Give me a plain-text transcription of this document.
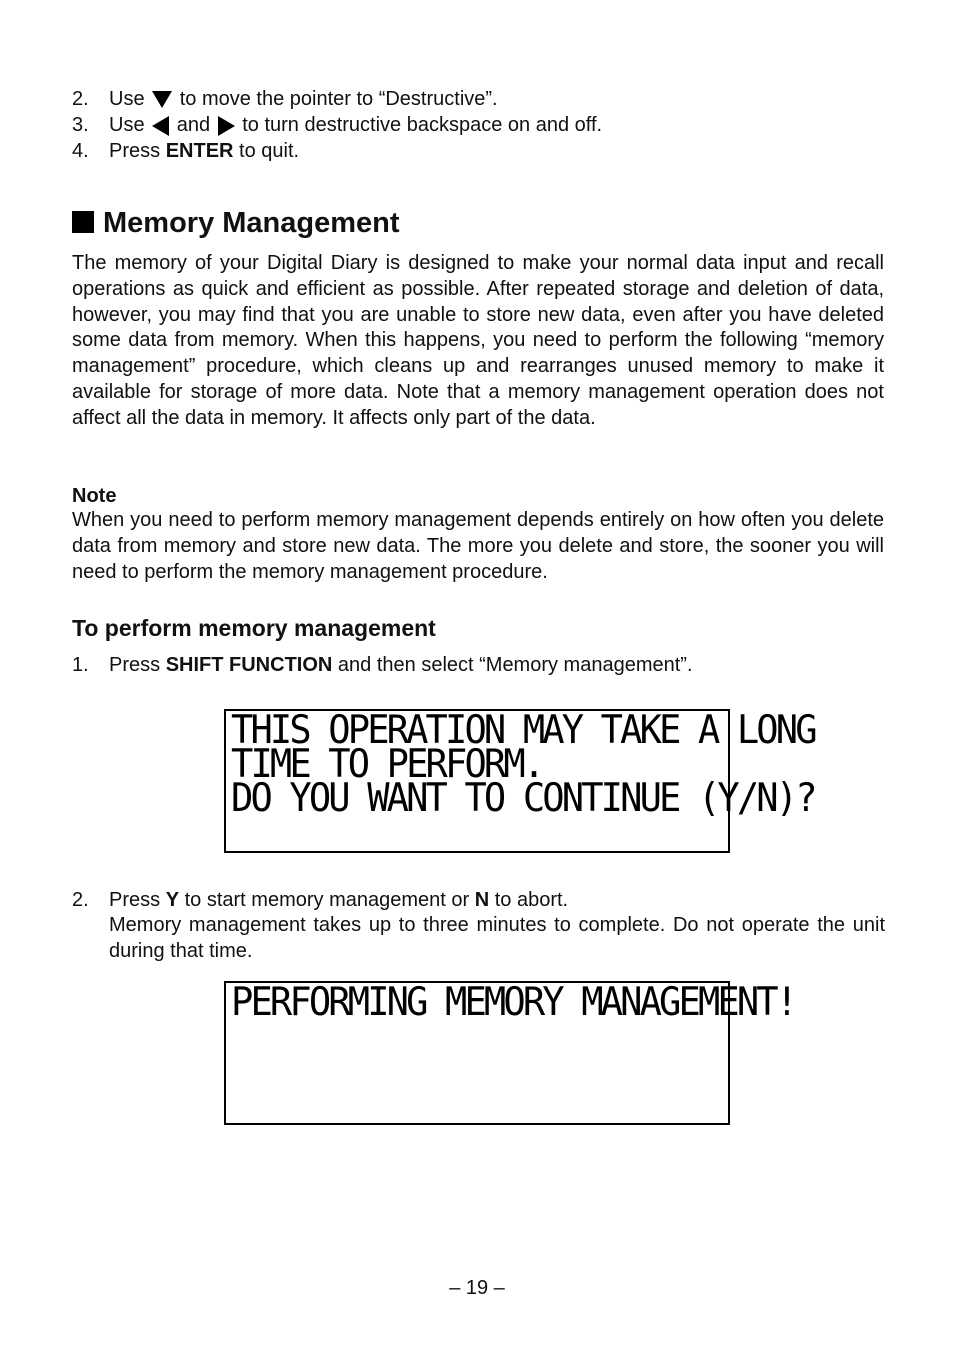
2.	Use to move the pointer to “Destructive”.
3.	Use and to turn destructive backspace on and off.
4.	Press ENTER to quit.
Memory Management
The memory of your Digital Diary is designed to make your normal data input and recall operations as quick and efficient as possible. After repeated storage and deletion of data, however, you may find that you are unable to store new data, even after you have deleted some data from memory. When this happens, you need to perform the following “memory management” procedure, which cleans up and rearranges unused memory to make it available for storage of more data. Note that a memory management operation does not affect all the data in memory. It affects only part of the data.
Note
When you need to perform memory management depends entirely on how often you delete data from memory and store new data. The more you delete and store, the sooner you will need to perform the memory management procedure.
To perform memory management
1.	Press SHIFT FUNCTION and then select “Memory management”.
THIS OPERATION MAY TAKE A LONG
TIME TO PERFORM.
DO YOU WANT TO CONTINUE (Y/N)?
2.	Press Y to start memory management or N to abort.
Memory management takes up to three minutes to complete. Do not operate the unit during that time.
PERFORMING MEMORY MANAGEMENT!
– 19 –
